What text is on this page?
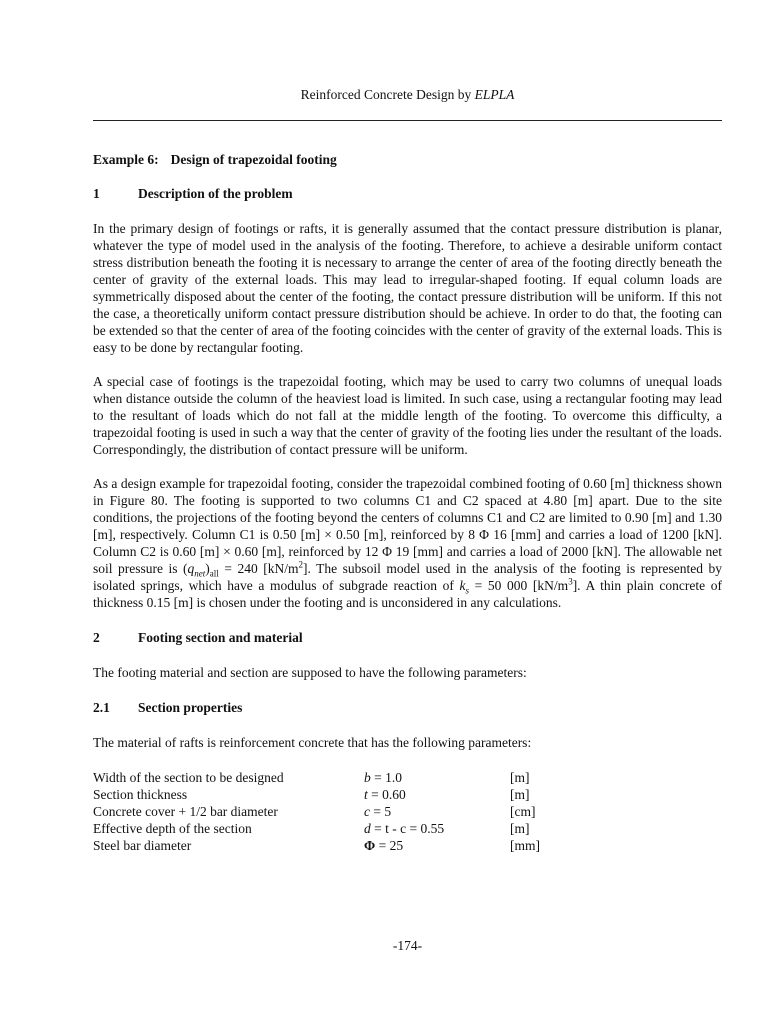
Reinforced Concrete Design by ELPLA
Example 6: Design of trapezoidal footing
1	Description of the problem

In the primary design of footings or rafts, it is generally assumed that the contact pressure distribution is planar, whatever the type of model used in the analysis of the footing. Therefore, to achieve a desirable uniform contact stress distribution beneath the footing it is necessary to arrange the center of area of the footing directly beneath the center of gravity of the external loads. This may lead to irregular-shaped footing. If equal column loads are symmetrically disposed about the center of the footing, the contact pressure distribution will be uniform. If this not the case, a theoretically uniform contact pressure distribution should be achieve. In order to do that, the footing can be extended so that the center of area of the footing coincides with the center of gravity of the external loads. This is easy to be done by rectangular footing.

A special case of footings is the trapezoidal footing, which may be used to carry two columns of unequal loads when distance outside the column of the heaviest load is limited. In such case, using a rectangular footing may lead to the resultant of loads which do not fall at the middle length of the footing. To overcome this difficulty, a trapezoidal footing is used in such a way that the center of gravity of the footing lies under the resultant of the loads. Correspondingly, the distribution of contact pressure will be uniform.

As a design example for trapezoidal footing, consider the trapezoidal combined footing of 0.60 [m] thickness shown in Figure 80. The footing is supported to two columns C1 and C2 spaced at 4.80 [m] apart. Due to the site conditions, the projections of the footing beyond the centers of columns C1 and C2 are limited to 0.90 [m] and 1.30 [m], respectively. Column C1 is 0.50 [m] × 0.50 [m], reinforced by 8 Φ 16 [mm] and carries a load of 1200 [kN]. Column C2 is 0.60 [m] × 0.60 [m], reinforced by 12 Φ 19 [mm] and carries a load of 2000 [kN]. The allowable net soil pressure is $(q_{net})_{all} = 240$ $[kN/m^2]$. The subsoil model used in the analysis of the footing is represented by isolated springs, which have a modulus of subgrade reaction of $k_s = 50$ 000 $[kN/m^3]$. A thin plain concrete of thickness 0.15 [m] is chosen under the footing and is unconsidered in any calculations.

2	Footing section and material

The footing material and section are supposed to have the following parameters:

2.1 Section properties

The material of rafts is reinforcement concrete that has the following parameters:

Width of the section to be designed	b = 1.0	[m]
Section thickness	t = 0.60	[m]
Concrete cover + 1/2 bar diameter	c = 5	[cm]
Effective depth of the section	d = t - c = 0.55	[m]
Steel bar diameter	Φ = 25	[mm]
-174-
